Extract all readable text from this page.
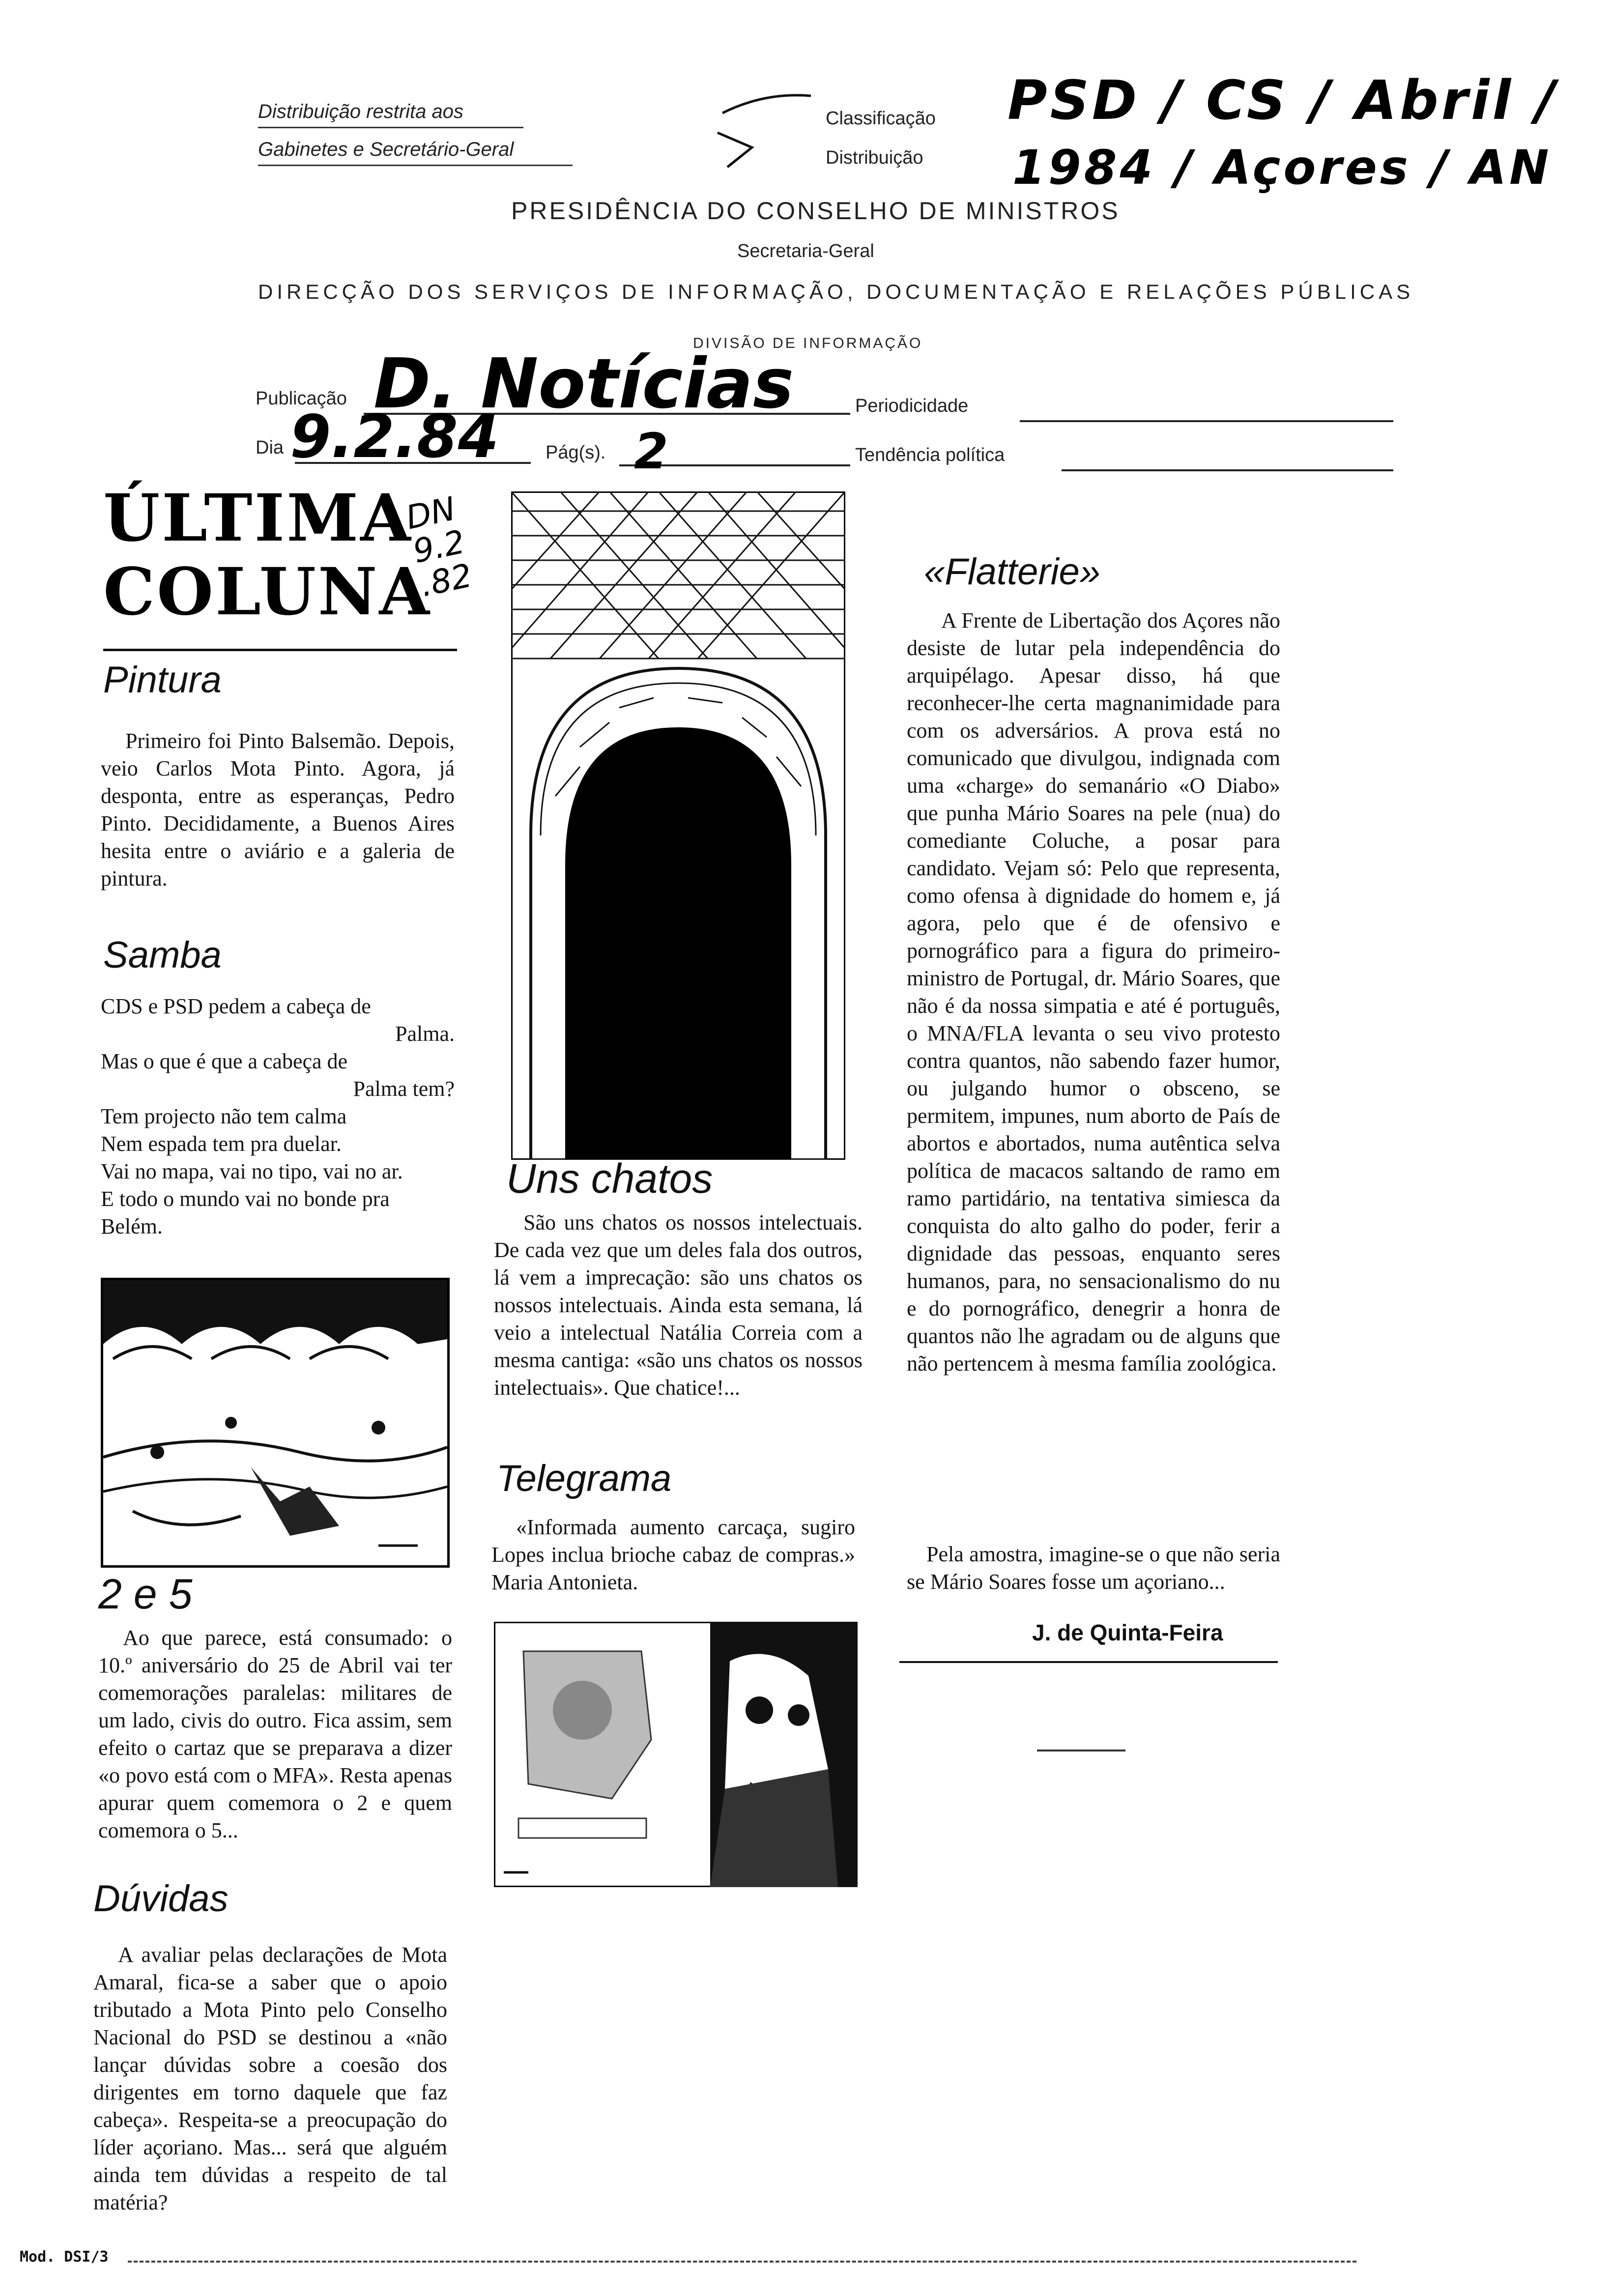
Distribuição restrita aos
Gabinetes e Secretário-Geral
Classificação
Distribuição
PSD / CS / Abril /
1984 / Açores / AN
PRESIDÊNCIA DO CONSELHO DE MINISTROS
Secretaria-Geral
DIRECÇÃO DOS SERVIÇOS DE INFORMAÇÃO, DOCUMENTAÇÃO E RELAÇÕES PÚBLICAS
DIVISÃO DE INFORMAÇÃO
Publicação D. Notícias	Periodicidade
Dia 9.2.84 Pág(s). 2	Tendência política
ÚLTIMA
COLUNA
DN 9.2 .82
Pintura
Primeiro foi Pinto Balsemão. Depois, veio Carlos Mota Pinto. Agora, já desponta, entre as esperanças, Pedro Pinto. Decididamente, a Buenos Aires hesita entre o aviário e a galeria de pintura.
Samba
CDS e PSD pedem a cabeça de
Palma.
Mas o que é que a cabeça de
Palma tem?
Tem projecto não tem calma
Nem espada tem pra duelar.
Vai no mapa, vai no tipo, vai no ar.
E todo o mundo vai no bonde pra Belém.
2 e 5
Ao que parece, está consumado: o 10.º aniversário do 25 de Abril vai ter comemorações paralelas: militares de um lado, civis do outro. Fica assim, sem efeito o cartaz que se preparava a dizer «o povo está com o MFA». Resta apenas apurar quem comemora o 2 e quem comemora o 5...
Dúvidas
A avaliar pelas declarações de Mota Amaral, fica-se a saber que o apoio tributado a Mota Pinto pelo Conselho Nacional do PSD se destinou a «não lançar dúvidas sobre a coesão dos dirigentes em torno daquele que faz cabeça». Respeita-se a preocupação do líder açoriano. Mas... será que alguém ainda tem dúvidas a respeito de tal matéria?
Uns chatos
São uns chatos os nossos intelectuais. De cada vez que um deles fala dos outros, lá vem a imprecação: são uns chatos os nossos intelectuais. Ainda esta semana, lá veio a intelectual Natália Correia com a mesma cantiga: «são uns chatos os nossos intelectuais». Que chatice!...
Telegrama
«Informada aumento carcaça, sugiro Lopes inclua brioche cabaz de compras.» Maria Antonieta.
«Flatterie»
A Frente de Libertação dos Açores não desiste de lutar pela independência do arquipélago. Apesar disso, há que reconhecer-lhe certa magnanimidade para com os adversários. A prova está no comunicado que divulgou, indignada com uma «charge» do semanário «O Diabo» que punha Mário Soares na pele (nua) do comediante Coluche, a posar para candidato. Vejam só: Pelo que representa, como ofensa à dignidade do homem e, já agora, pelo que é de ofensivo e pornográfico para a figura do primeiro-ministro de Portugal, dr. Mário Soares, que não é da nossa simpatia e até é português, o MNA/FLA levanta o seu vivo protesto contra quantos, não sabendo fazer humor, ou julgando humor o obsceno, se permitem, impunes, num aborto de País de abortos e abortados, numa autêntica selva política de macacos saltando de ramo em ramo partidário, na tentativa simiesca da conquista do alto galho do poder, ferir a dignidade das pessoas, enquanto seres humanos, para, no sensacionalismo do nu e do pornográfico, denegrir a honra de quantos não lhe agradam ou de alguns que não pertencem à mesma família zoológica.
Pela amostra, imagine-se o que não seria se Mário Soares fosse um açoriano...
J. de Quinta-Feira
Mod. DSI/3
